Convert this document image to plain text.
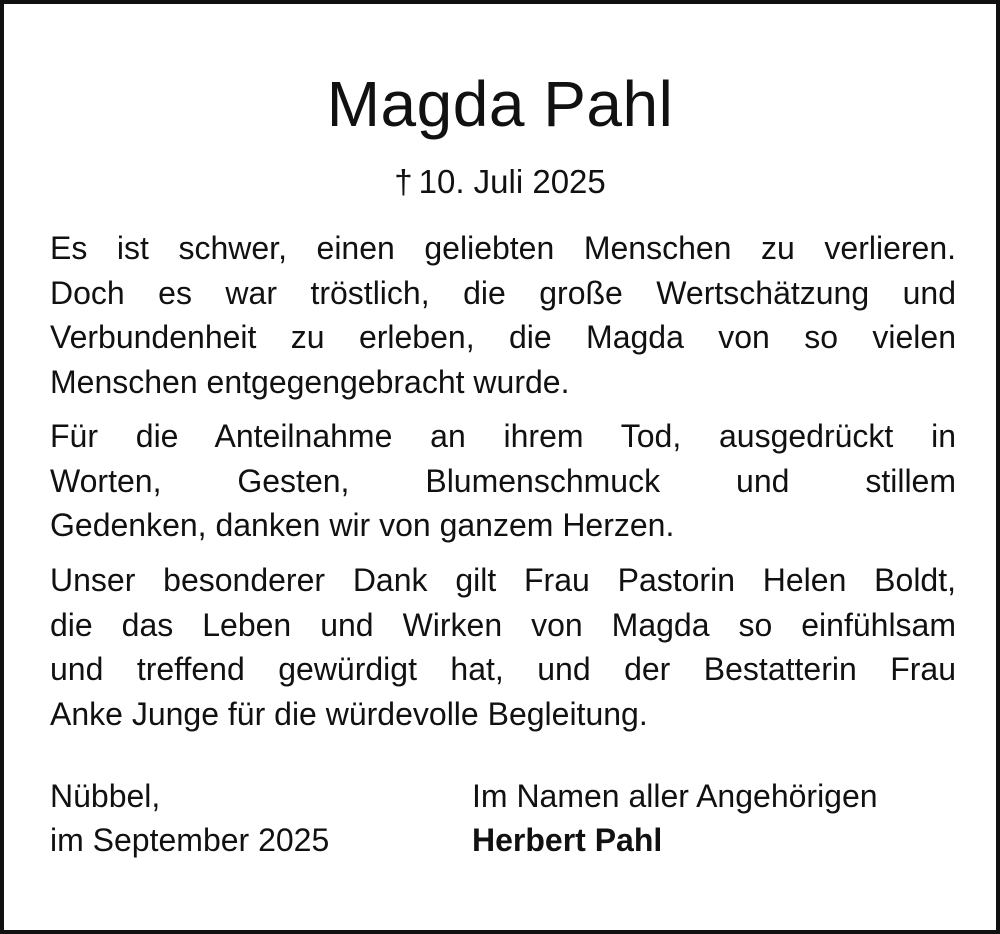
Magda Pahl
† 10. Juli 2025
Es ist schwer, einen geliebten Menschen zu verlieren.
Doch es war tröstlich, die große Wertschätzung und
Verbundenheit zu erleben, die Magda von so vielen
Menschen entgegengebracht wurde.
Für die Anteilnahme an ihrem Tod, ausgedrückt in
Worten, Gesten, Blumenschmuck und stillem
Gedenken, danken wir von ganzem Herzen.
Unser besonderer Dank gilt Frau Pastorin Helen Boldt,
die das Leben und Wirken von Magda so einfühlsam
und treffend gewürdigt hat, und der Bestatterin Frau
Anke Junge für die würdevolle Begleitung.
Nübbel,
im September 2025
Im Namen aller Angehörigen
Herbert Pahl
